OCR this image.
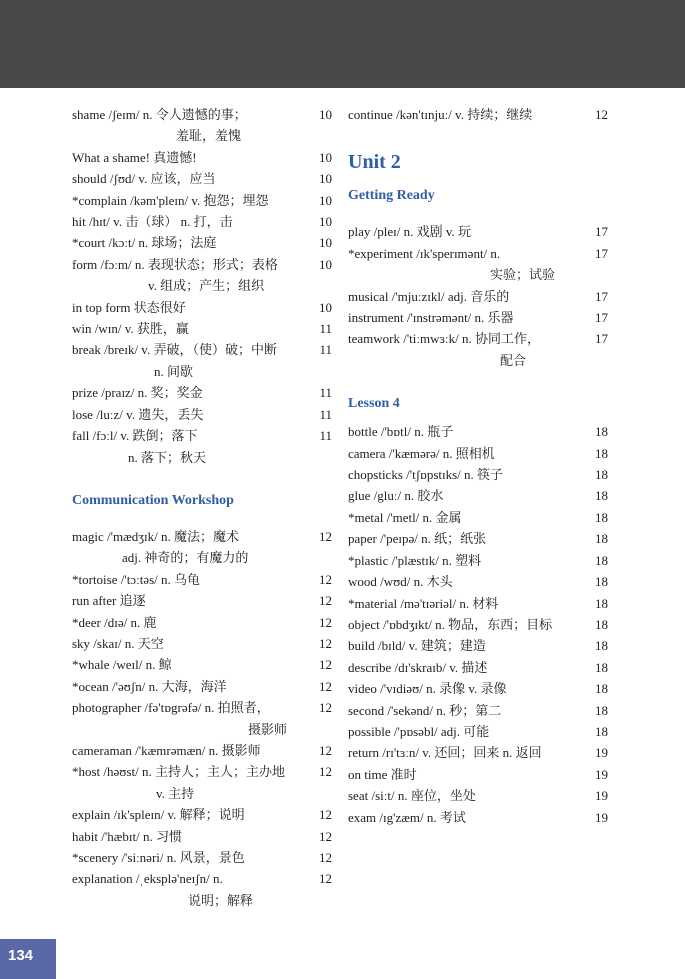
shame /ʃeɪm/ n. 令人遗憾的事；	10
羞耻，羞愧
What a shame! 真遗憾!	10
should /ʃʊd/ v. 应该，应当	10
*complain /kəm'pleɪn/ v. 抱怨；埋怨	10
hit /hɪt/ v. 击（球） n. 打，击	10
*court /kɔːt/ n. 球场；法庭	10
form /fɔːm/ n. 表现状态；形式；表格	10
v. 组成；产生；组织
in top form 状态很好	10
win /wɪn/ v. 获胜，赢	11
break /breɪk/ v. 弄破，（使）破；中断	11
n. 间歇
prize /praɪz/ n. 奖；奖金	11
lose /luːz/ v. 遗失，丢失	11
fall /fɔːl/ v. 跌倒；落下	11
n. 落下；秋天
Communication Workshop
magic /'mædʒɪk/ n. 魔法；魔术	12
adj. 神奇的；有魔力的
*tortoise /'tɔːtəs/ n. 乌龟	12
run after 追逐	12
*deer /dɪə/ n. 鹿	12
sky /skaɪ/ n. 天空	12
*whale /weɪl/ n. 鲸	12
*ocean /'əʊʃn/ n. 大海，海洋	12
photographer /fə'tɒgrəfə/ n. 拍照者，	12
摄影师
cameraman /'kæmrəmæn/ n. 摄影师	12
*host /həʊst/ n. 主持人；主人；主办地	12
v. 主持
explain /ɪk'spleɪn/ v. 解释；说明	12
habit /'hæbɪt/ n. 习惯	12
*scenery /'siːnəri/ n. 风景，景色	12
explanation /ˌeksplə'neɪʃn/ n.	12
说明；解释
continue /kən'tɪnjuː/ v. 持续；继续	12
Unit 2
Getting Ready
play /pleɪ/ n. 戏剧 v. 玩	17
*experiment /ɪk'sperɪmənt/ n.	17
实验；试验
musical /'mjuːzɪkl/ adj. 音乐的	17
instrument /'ɪnstrəmənt/ n. 乐器	17
teamwork /'tiːmwɜːk/ n. 协同工作，	17
配合
Lesson 4
bottle /'bɒtl/ n. 瓶子	18
camera /'kæmərə/ n. 照相机	18
chopsticks /'tʃɒpstɪks/ n. 筷子	18
glue /gluː/ n. 胶水	18
*metal /'metl/ n. 金属	18
paper /'peɪpə/ n. 纸；纸张	18
*plastic /'plæstɪk/ n. 塑料	18
wood /wʊd/ n. 木头	18
*material /mə'tɪəriəl/ n. 材料	18
object /'ɒbdʒɪkt/ n. 物品，东西；目标	18
build /bɪld/ v. 建筑；建造	18
describe /dɪ'skraɪb/ v. 描述	18
video /'vɪdiəʊ/ n. 录像 v. 录像	18
second /'sekənd/ n. 秒；第二	18
possible /'pɒsəbl/ adj. 可能	18
return /rɪ'tɜːn/ v. 还回；回来 n. 返回	19
on time 准时	19
seat /siːt/ n. 座位，坐处	19
exam /ɪg'zæm/ n. 考试	19
134
